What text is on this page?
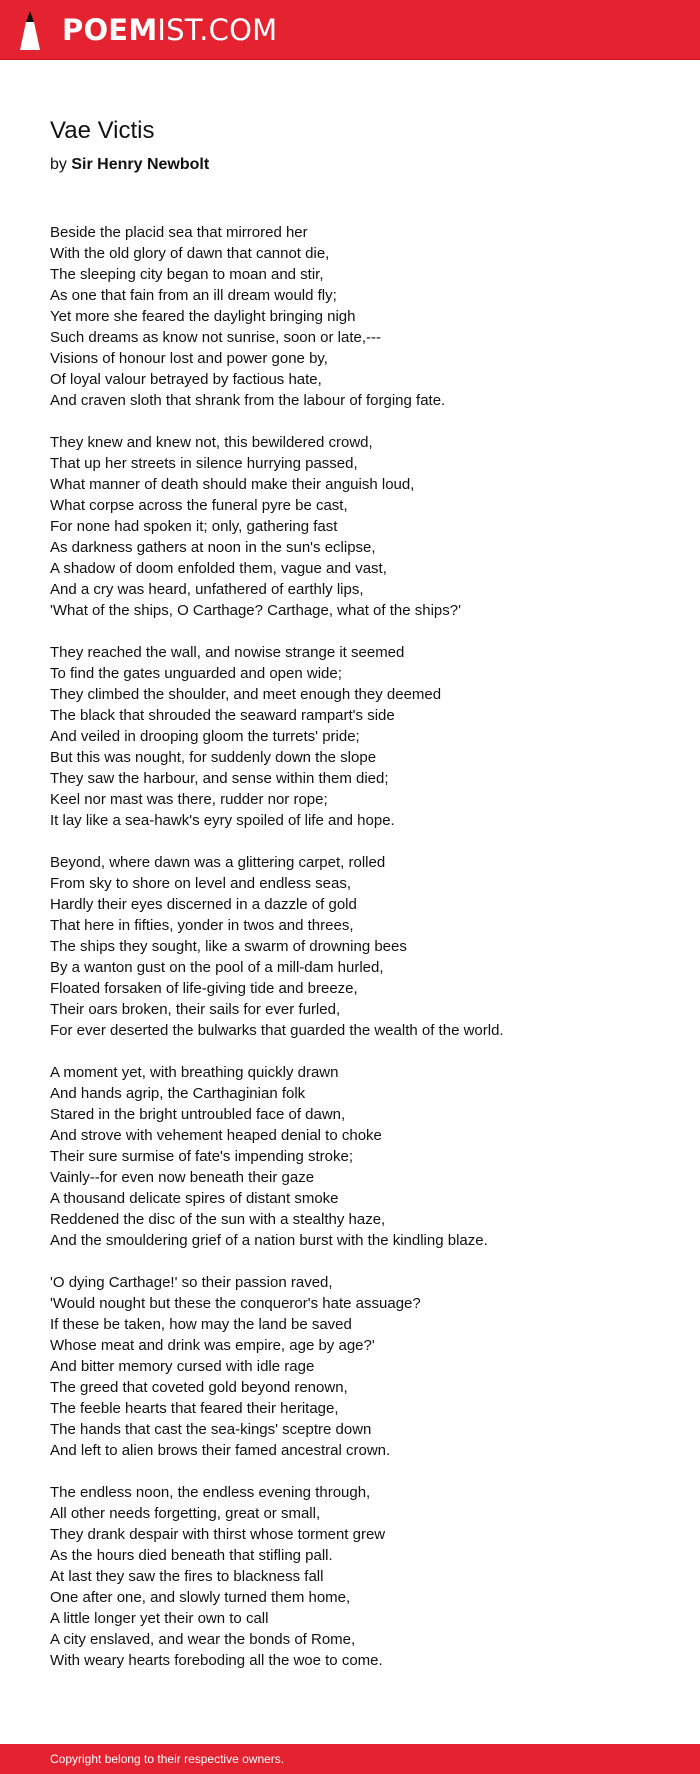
POEMIST.COM
Vae Victis

by Sir Henry Newbolt

Beside the placid sea that mirrored her
With the old glory of dawn that cannot die,
The sleeping city began to moan and stir,
As one that fain from an ill dream would fly;
Yet more she feared the daylight bringing nigh
Such dreams as know not sunrise, soon or late,---
Visions of honour lost and power gone by,
Of loyal valour betrayed by factious hate,
And craven sloth that shrank from the labour of forging fate.
They knew and knew not, this bewildered crowd,
That up her streets in silence hurrying passed,
What manner of death should make their anguish loud,
What corpse across the funeral pyre be cast,
For none had spoken it; only, gathering fast
As darkness gathers at noon in the sun's eclipse,
A shadow of doom enfolded them, vague and vast,
And a cry was heard, unfathered of earthly lips,
'What of the ships, O Carthage? Carthage, what of the ships?'
They reached the wall, and nowise strange it seemed
To find the gates unguarded and open wide;
They climbed the shoulder, and meet enough they deemed
The black that shrouded the seaward rampart's side
And veiled in drooping gloom the turrets' pride;
But this was nought, for suddenly down the slope
They saw the harbour, and sense within them died;
Keel nor mast was there, rudder nor rope;
It lay like a sea-hawk's eyry spoiled of life and hope.
Beyond, where dawn was a glittering carpet, rolled
From sky to shore on level and endless seas,
Hardly their eyes discerned in a dazzle of gold
That here in fifties, yonder in twos and threes,
The ships they sought, like a swarm of drowning bees
By a wanton gust on the pool of a mill-dam hurled,
Floated forsaken of life-giving tide and breeze,
Their oars broken, their sails for ever furled,
For ever deserted the bulwarks that guarded the wealth of the world.
A moment yet, with breathing quickly drawn
And hands agrip, the Carthaginian folk
Stared in the bright untroubled face of dawn,
And strove with vehement heaped denial to choke
Their sure surmise of fate's impending stroke;
Vainly--for even now beneath their gaze
A thousand delicate spires of distant smoke
Reddened the disc of the sun with a stealthy haze,
And the smouldering grief of a nation burst with the kindling blaze.
'O dying Carthage!' so their passion raved,
'Would nought but these the conqueror's hate assuage?
If these be taken, how may the land be saved
Whose meat and drink was empire, age by age?'
And bitter memory cursed with idle rage
The greed that coveted gold beyond renown,
The feeble hearts that feared their heritage,
The hands that cast the sea-kings' sceptre down
And left to alien brows their famed ancestral crown.
The endless noon, the endless evening through,
All other needs forgetting, great or small,
They drank despair with thirst whose torment grew
As the hours died beneath that stifling pall.
At last they saw the fires to blackness fall
One after one, and slowly turned them home,
A little longer yet their own to call
A city enslaved, and wear the bonds of Rome,
With weary hearts foreboding all the woe to come.
Copyright belong to their respective owners.
